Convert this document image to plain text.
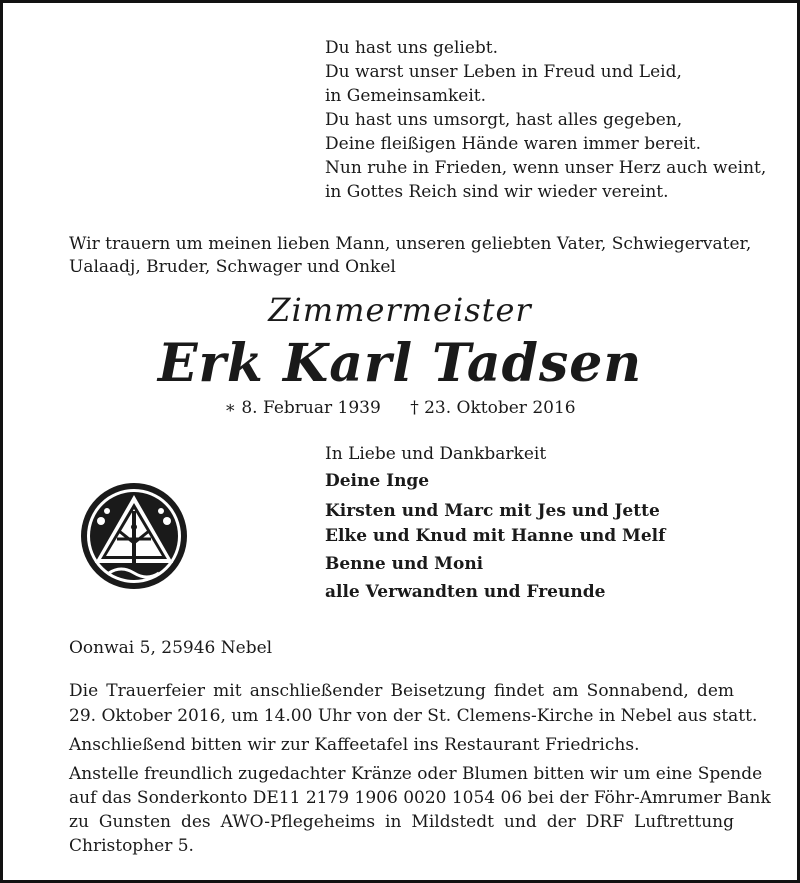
Du hast uns geliebt.
Du warst unser Leben in Freud und Leid,
in Gemeinsamkeit.
Du hast uns umsorgt, hast alles gegeben,
Deine fleißigen Hände waren immer bereit.
Nun ruhe in Frieden, wenn unser Herz auch weint,
in Gottes Reich sind wir wieder vereint.
Wir trauern um meinen lieben Mann, unseren geliebten Vater, Schwiegervater,
Ualaadj, Bruder, Schwager und Onkel
Zimmermeister
Erk Karl Tadsen
∗ 8. Februar 1939 † 23. Oktober 2016
In Liebe und Dankbarkeit
Deine Inge
Kirsten und Marc mit Jes und Jette
Elke und Knud mit Hanne und Melf
Benne und Moni
alle Verwandten und Freunde
Oonwai 5, 25946 Nebel
Die Trauerfeier mit anschließender Beisetzung findet am Sonnabend, dem
29. Oktober 2016, um 14.00 Uhr von der St. Clemens-Kirche in Nebel aus statt.
Anschließend bitten wir zur Kaffeetafel ins Restaurant Friedrichs.
Anstelle freundlich zugedachter Kränze oder Blumen bitten wir um eine Spende
auf das Sonderkonto DE11 2179 1906 0020 1054 06 bei der Föhr-Amrumer Bank
zu Gunsten des AWO-Pflegeheims in Mildstedt und der DRF Luftrettung
Christopher 5.
